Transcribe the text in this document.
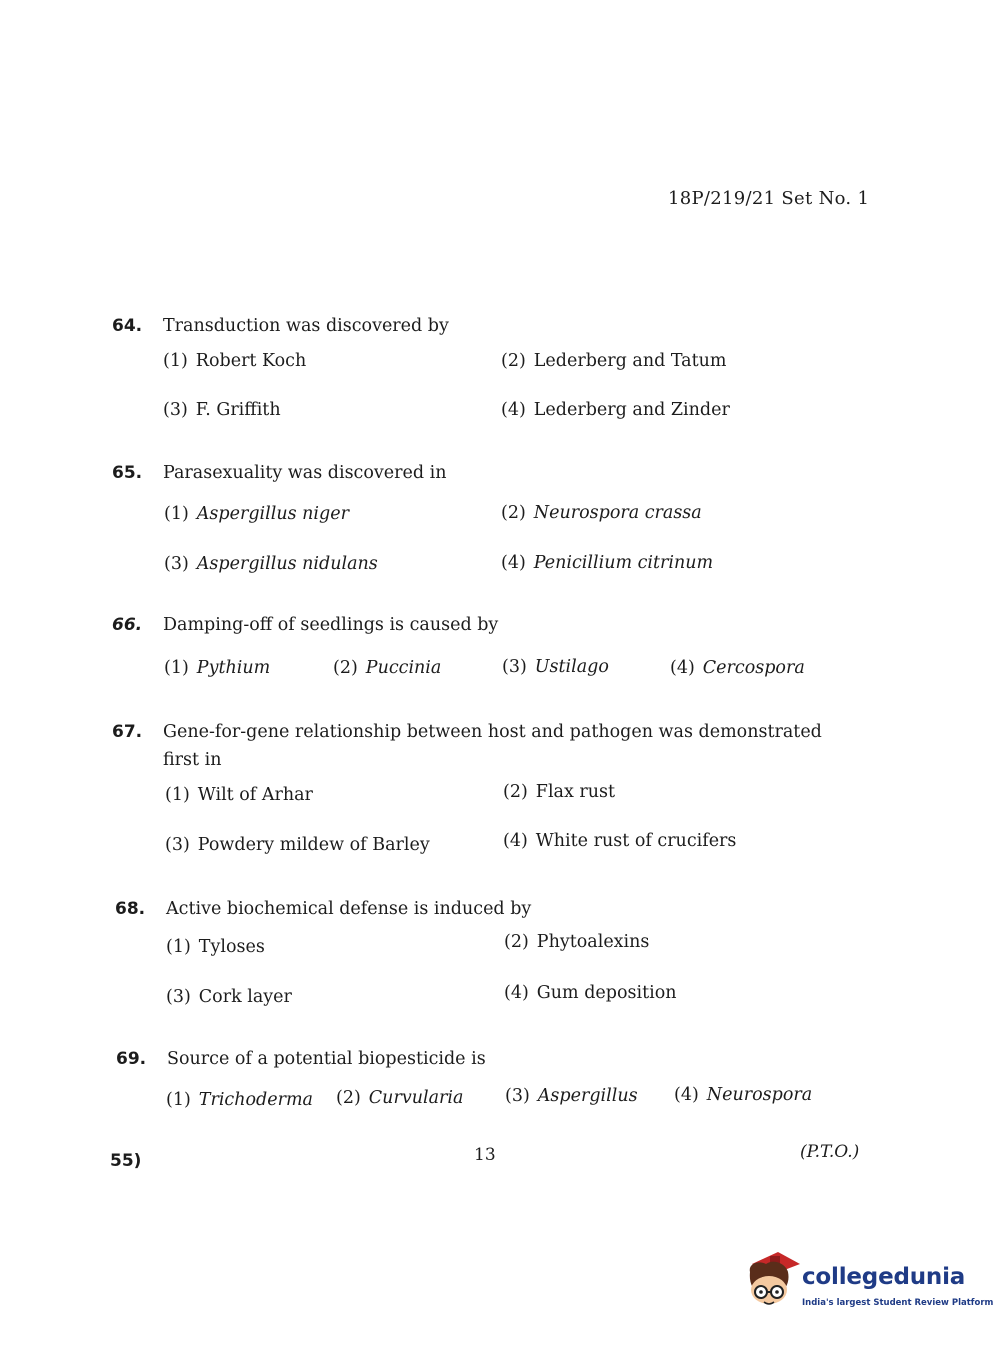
18P/219/21 Set No. 1
64. Transduction was discovered by
(1) Robert Koch	(2) Lederberg and Tatum
(3) F. Griffith	(4) Lederberg and Zinder
65. Parasexuality was discovered in
(1) Aspergillus niger	(2) Neurospora crassa
(3) Aspergillus nidulans	(4) Penicillium citrinum
66. Damping-off of seedlings is caused by
(1) Pythium	(2) Puccinia	(3) Ustilago	(4) Cercospora
67. Gene-for-gene relationship between host and pathogen was demonstrated first in
(1) Wilt of Arhar	(2) Flax rust
(3) Powdery mildew of Barley	(4) White rust of crucifers
68. Active biochemical defense is induced by
(1) Tyloses	(2) Phytoalexins
(3) Cork layer	(4) Gum deposition
69. Source of a potential biopesticide is
(1) Trichoderma (2) Curvularia (3) Aspergillus (4) Neurospora
55)	13	(P.T.O.)
collegedunia
India's largest Student Review Platform
